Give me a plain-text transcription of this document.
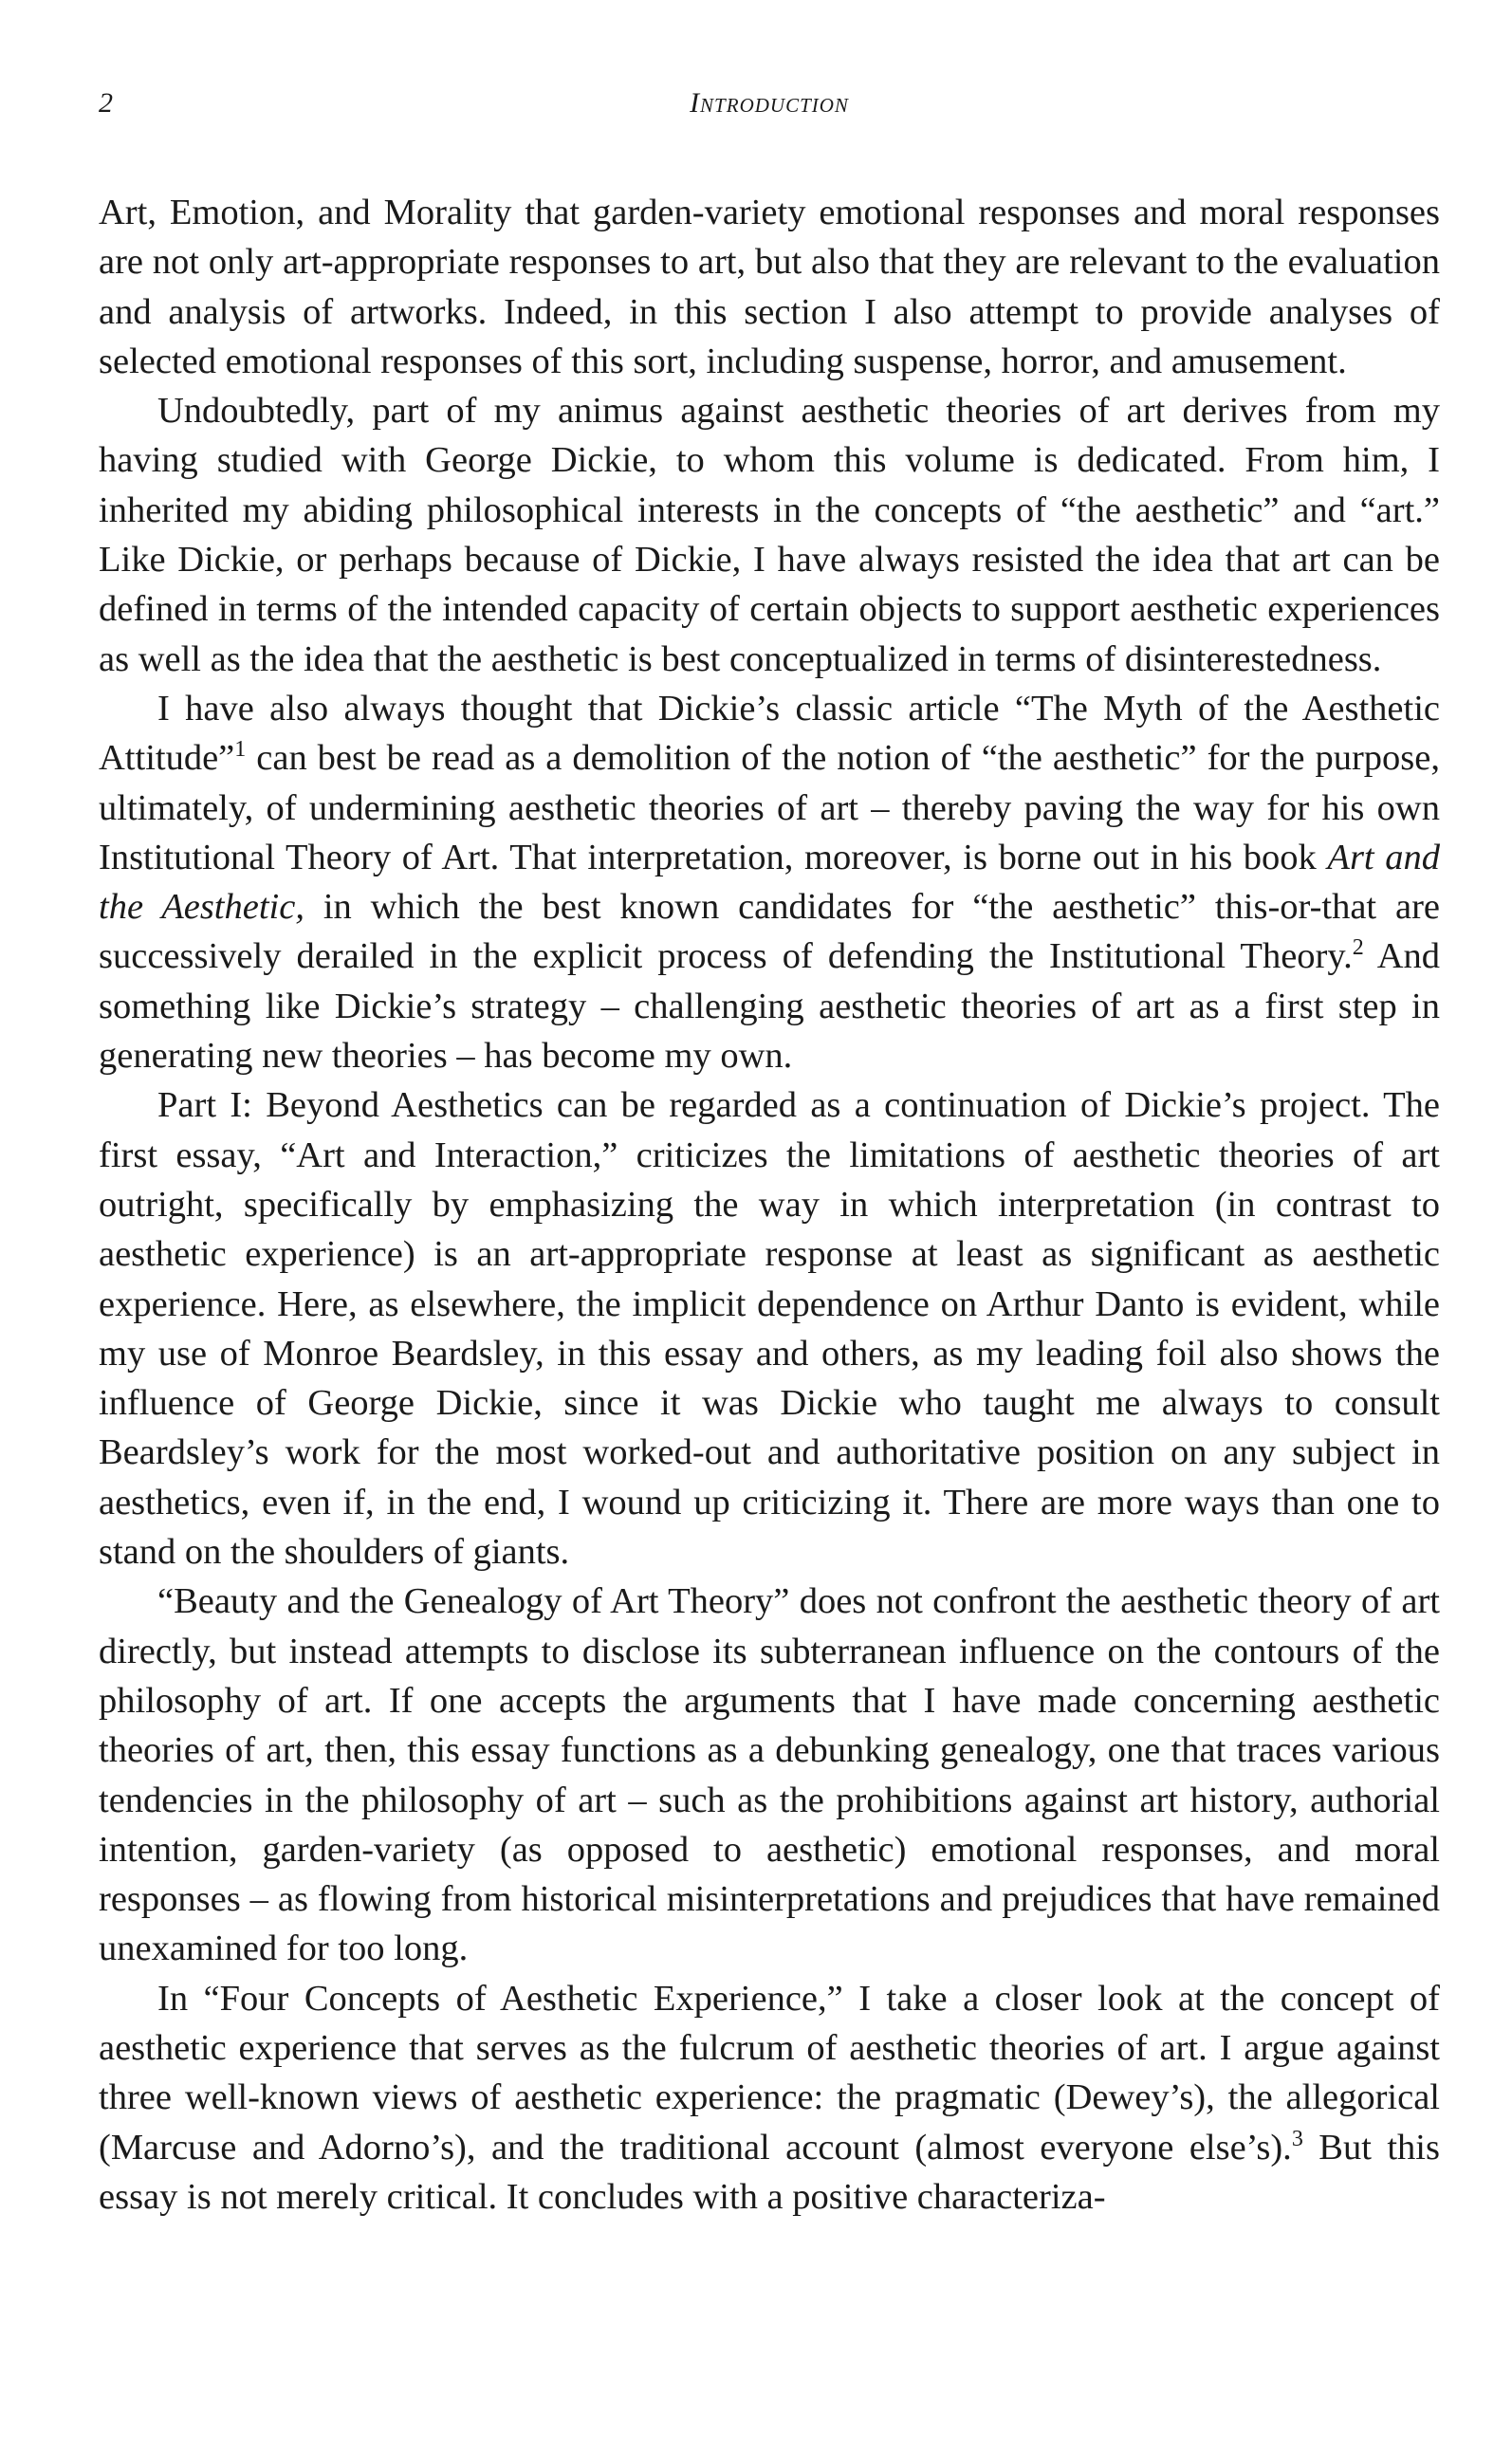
2	Introduction

Art, Emotion, and Morality that garden-variety emotional responses and moral responses are not only art-appropriate responses to art, but also that they are relevant to the evaluation and analysis of artworks. Indeed, in this section I also attempt to provide analyses of selected emotional responses of this sort, including suspense, horror, and amusement.

Undoubtedly, part of my animus against aesthetic theories of art derives from my having studied with George Dickie, to whom this volume is dedicated. From him, I inherited my abiding philosophical interests in the concepts of “the aesthetic” and “art.” Like Dickie, or perhaps because of Dickie, I have always resisted the idea that art can be defined in terms of the intended capacity of certain objects to support aesthetic experiences as well as the idea that the aesthetic is best conceptualized in terms of disinterestedness.

I have also always thought that Dickie’s classic article “The Myth of the Aesthetic Attitude”$^1$ can best be read as a demolition of the notion of “the aesthetic” for the purpose, ultimately, of undermining aesthetic theories of art – thereby paving the way for his own Institutional Theory of Art. That interpretation, moreover, is borne out in his book Art and the Aesthetic, in which the best known candidates for “the aesthetic” this-or-that are successively derailed in the explicit process of defending the Institutional Theory.$^2$ And something like Dickie’s strategy – challenging aesthetic theories of art as a first step in generating new theories – has become my own.

Part I: Beyond Aesthetics can be regarded as a continuation of Dickie’s project. The first essay, “Art and Interaction,” criticizes the limitations of aesthetic theories of art outright, specifically by emphasizing the way in which interpretation (in contrast to aesthetic experience) is an art-appropriate response at least as significant as aesthetic experience. Here, as elsewhere, the implicit dependence on Arthur Danto is evident, while my use of Monroe Beardsley, in this essay and others, as my leading foil also shows the influence of George Dickie, since it was Dickie who taught me always to consult Beardsley’s work for the most worked-out and authoritative position on any subject in aesthetics, even if, in the end, I wound up criticizing it. There are more ways than one to stand on the shoulders of giants.

“Beauty and the Genealogy of Art Theory” does not confront the aesthetic theory of art directly, but instead attempts to disclose its subterranean influence on the contours of the philosophy of art. If one accepts the arguments that I have made concerning aesthetic theories of art, then, this essay functions as a debunking genealogy, one that traces various tendencies in the philosophy of art – such as the prohibitions against art history, authorial intention, garden-variety (as opposed to aesthetic) emotional responses, and moral responses – as flowing from historical misinterpretations and prejudices that have remained unexamined for too long.

In “Four Concepts of Aesthetic Experience,” I take a closer look at the concept of aesthetic experience that serves as the fulcrum of aesthetic theories of art. I argue against three well-known views of aesthetic experience: the pragmatic (Dewey’s), the allegorical (Marcuse and Adorno’s), and the traditional account (almost everyone else’s).$^3$ But this essay is not merely critical. It concludes with a positive characteriza-
